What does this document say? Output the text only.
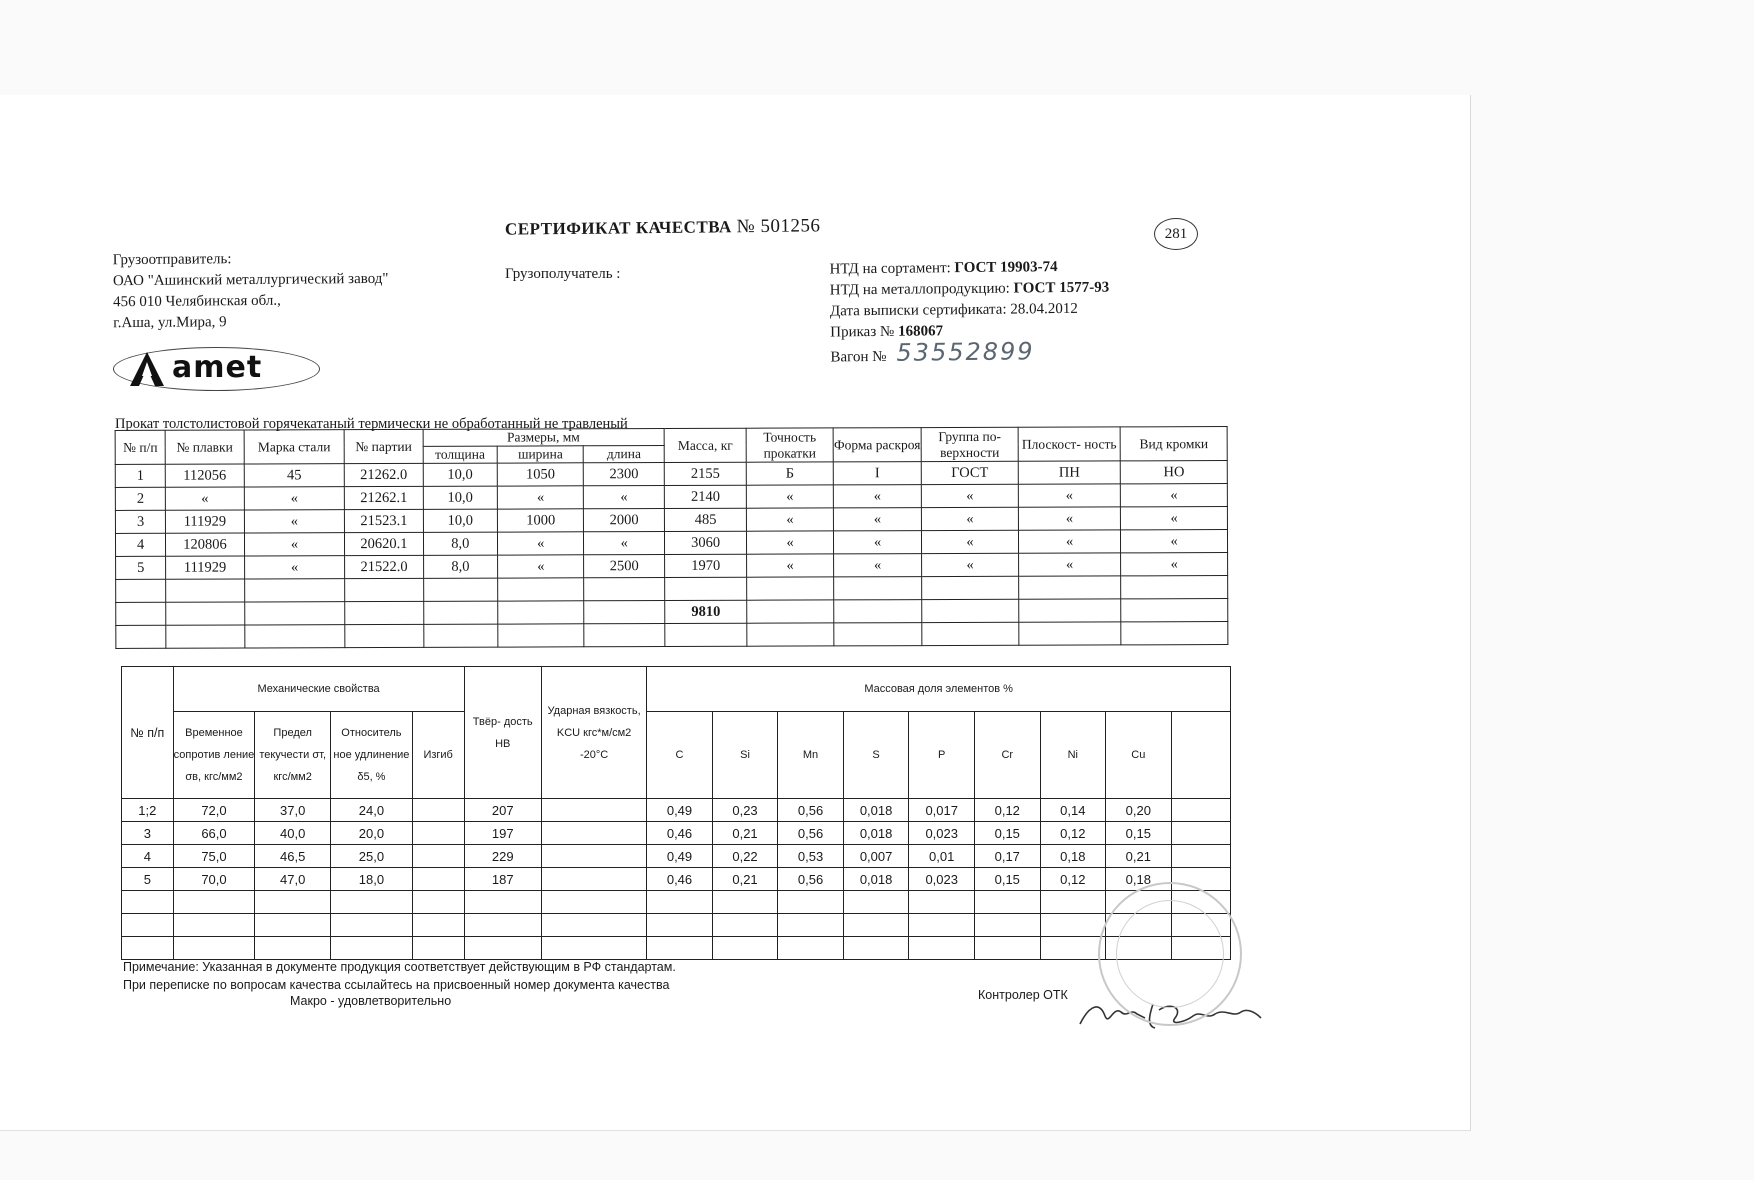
СЕРТИФИКАТ КАЧЕСТВА № 501256	281
Грузоотправитель:
ОАО "Ашинский металлургический завод"
456 010 Челябинская обл.,
г.Аша, ул.Мира, 9
Грузополучатель :	НТД на сортамент: ГОСТ 19903-74
НТД на металлопродукцию: ГОСТ 1577-93
Дата выписки сертификата: 28.04.2012
Приказ № 168067
Вагон № 53552899
amet
Прокат толстолистовой горячекатаный термически не обработанный не травленый
№ п/п	№ плавки	Марка стали	№ партии	Размеры, мм			Масса, кг	Точность прокатки	Форма раскроя	Группа по- верхности	Плоскост- ность	Вид кромки
				толщина	ширина	длина						
1	112056	45	21262.0	10,0	1050	2300	2155	Б	I	ГОСТ	ПН	НО
2	«	«	21262.1	10,0	«	«	2140	«	«	«	«	«
3	111929	«	21523.1	10,0	1000	2000	485	«	«	«	«	«
4	120806	«	20620.1	8,0	«	«	3060	«	«	«	«	«
5	111929	«	21522.0	8,0	«	2500	1970	«	«	«	«	«

							9810					

№ п/п	Механические свойства				Твёр- дость НВ	Ударная вязкость, KCU кгс*м/см2 -20°С	Массовая доля элементов %								
	Временное сопротив ление σв, кгс/мм2	Предел текучести σт, кгс/мм2	Относитель ное удлинение δ5, %	Изгиб			C	Si	Mn	S	P	Cr	Ni	Cu	
1;2	72,0	37,0	24,0		207		0,49	0,23	0,56	0,018	0,017	0,12	0,14	0,20	
3	66,0	40,0	20,0		197		0,46	0,21	0,56	0,018	0,023	0,15	0,12	0,15	
4	75,0	46,5	25,0		229		0,49	0,22	0,53	0,007	0,01	0,17	0,18	0,21	
5	70,0	47,0	18,0		187		0,46	0,21	0,56	0,018	0,023	0,15	0,12	0,18	

Примечание: Указанная в документе продукция соответствует действующим в РФ стандартам.
При переписке по вопросам качества ссылайтесь на присвоенный номер документа качества
Макро - удовлетворительно	Контролер ОТК
